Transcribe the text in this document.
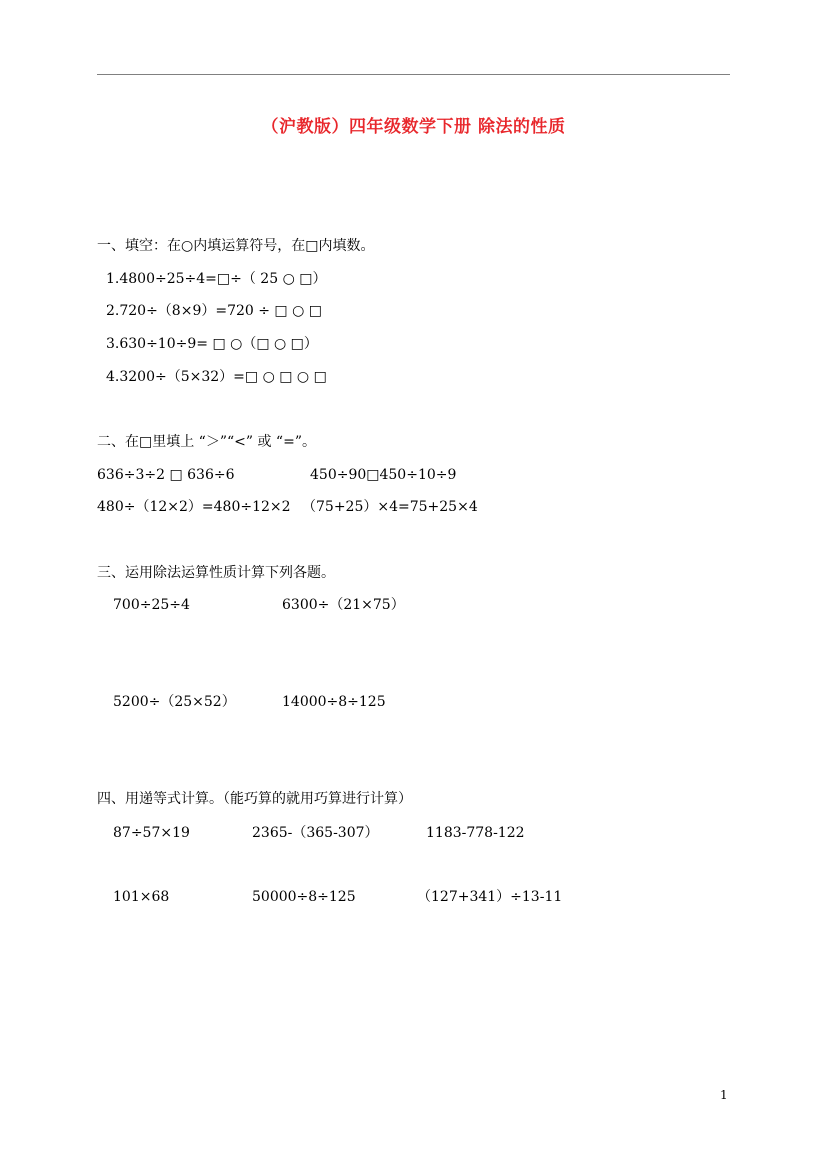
（沪教版）四年级数学下册 除法的性质
一、填空：在○内填运算符号，在□内填数。
1.4800÷25÷4=□÷（ 25 ○ □）
2.720÷（8×9）=720 ÷ □ ○ □
3.630÷10÷9= □ ○（□ ○ □）
4.3200÷（5×32）=□ ○ □ ○ □
二、在□里填上 “＞”“<” 或 “=”。
636÷3÷2 □ 636÷6	450÷90□450÷10÷9
480÷（12×2）=480÷12×2 （75+25）×4=75+25×4
三、运用除法运算性质计算下列各题。
700÷25÷4	6300÷（21×75）
5200÷（25×52）	14000÷8÷125
四、用递等式计算。（能巧算的就用巧算进行计算）
87÷57×19	2365-（365-307）	1183-778-122
101×68	50000÷8÷125	（127+341）÷13-11
1
